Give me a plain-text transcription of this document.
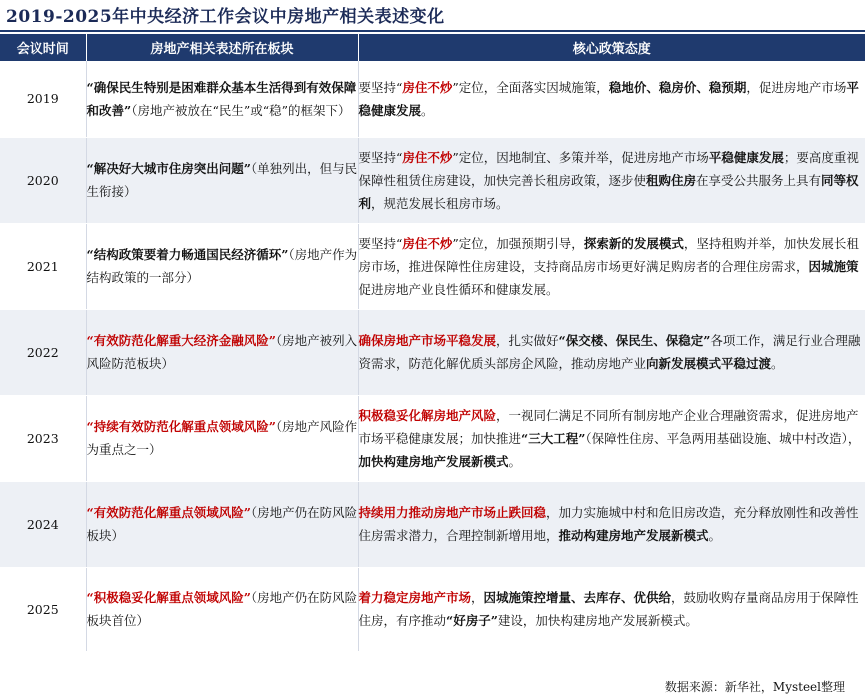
2019-2025年中央经济工作会议中房地产相关表述变化
会议时间	房地产相关表述所在板块	核心政策态度
2019	“确保民生特别是困难群众基本生活得到有效保障和改善”（房地产被放在“民生”或“稳”的框架下）	要坚持“房住不炒”定位，全面落实因城施策，稳地价、稳房价、稳预期，促进房地产市场平稳健康发展。
2020	“解决好大城市住房突出问题”（单独列出，但与民生衔接）	要坚持“房住不炒”定位，因地制宜、多策并举，促进房地产市场平稳健康发展；要高度重视保障性租赁住房建设，加快完善长租房政策，逐步使租购住房在享受公共服务上具有同等权利，规范发展长租房市场。
2021	“结构政策要着力畅通国民经济循环”（房地产作为结构政策的一部分）	要坚持“房住不炒”定位，加强预期引导，探索新的发展模式，坚持租购并举，加快发展长租房市场，推进保障性住房建设，支持商品房市场更好满足购房者的合理住房需求，因城施策促进房地产业良性循环和健康发展。
2022	“有效防范化解重大经济金融风险”（房地产被列入风险防范板块）	确保房地产市场平稳发展，扎实做好“保交楼、保民生、保稳定”各项工作，满足行业合理融资需求，防范化解优质头部房企风险，推动房地产业向新发展模式平稳过渡。
2023	“持续有效防范化解重点领域风险”（房地产风险作为重点之一）	积极稳妥化解房地产风险，一视同仁满足不同所有制房地产企业合理融资需求，促进房地产市场平稳健康发展；加快推进“三大工程”（保障性住房、平急两用基础设施、城中村改造），加快构建房地产发展新模式。
2024	“有效防范化解重点领域风险”（房地产仍在防风险板块）	持续用力推动房地产市场止跌回稳，加力实施城中村和危旧房改造，充分释放刚性和改善性住房需求潜力，合理控制新增用地，推动构建房地产发展新模式。
2025	“积极稳妥化解重点领域风险”（房地产仍在防风险板块首位）	着力稳定房地产市场，因城施策控增量、去库存、优供给，鼓励收购存量商品房用于保障性住房，有序推动“好房子”建设，加快构建房地产发展新模式。
数据来源：新华社，Mysteel整理
